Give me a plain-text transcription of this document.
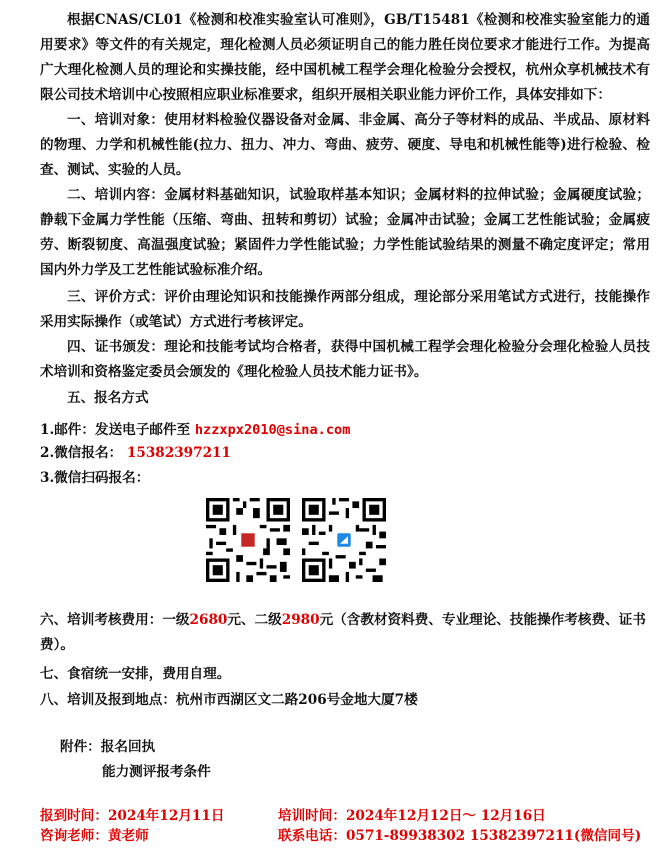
根据CNAS/CL01《检测和校准实验室认可准则》，GB/T15481《检测和校准实验室能力的通用要求》等文件的有关规定，理化检测人员必须证明自己的能力胜任岗位要求才能进行工作。为提高广大理化检测人员的理论和实操技能，经中国机械工程学会理化检验分会授权，杭州众享机械技术有限公司技术培训中心按照相应职业标准要求，组织开展相关职业能力评价工作，具体安排如下：

一、培训对象：使用材料检验仪器设备对金属、非金属、高分子等材料的成品、半成品、原材料的物理、力学和机械性能(拉力、扭力、冲力、弯曲、疲劳、硬度、导电和机械性能等)进行检验、检查、测试、实验的人员。

二、培训内容：金属材料基础知识，试验取样基本知识；金属材料的拉伸试验；金属硬度试验；静载下金属力学性能（压缩、弯曲、扭转和剪切）试验；金属冲击试验；金属工艺性能试验；金属疲劳、断裂韧度、高温强度试验；紧固件力学性能试验；力学性能试验结果的测量不确定度评定；常用国内外力学及工艺性能试验标准介绍。

三、评价方式：评价由理论知识和技能操作两部分组成，理论部分采用笔试方式进行，技能操作采用实际操作（或笔试）方式进行考核评定。

四、证书颁发：理论和技能考试均合格者，获得中国机械工程学会理化检验分会理化检验人员技术培训和资格鉴定委员会颁发的《理化检验人员技术能力证书》。

五、报名方式
1.邮件：发送电子邮件至 hzzxpx2010@sina.com
2.微信报名： 15382397211
3.微信扫码报名：
六、培训考核费用：一级2680元、二级2980元（含教材资料费、专业理论、技能操作考核费、证书
费）。
七、食宿统一安排，费用自理。
八、培训及报到地点：杭州市西湖区文二路206号金地大厦7楼
附件：报名回执
能力测评报考条件
报到时间：2024年12月11日	培训时间：2024年12月12日～ 12月16日
咨询老师：黄老师	联系电话：0571-89938302 15382397211(微信同号)
